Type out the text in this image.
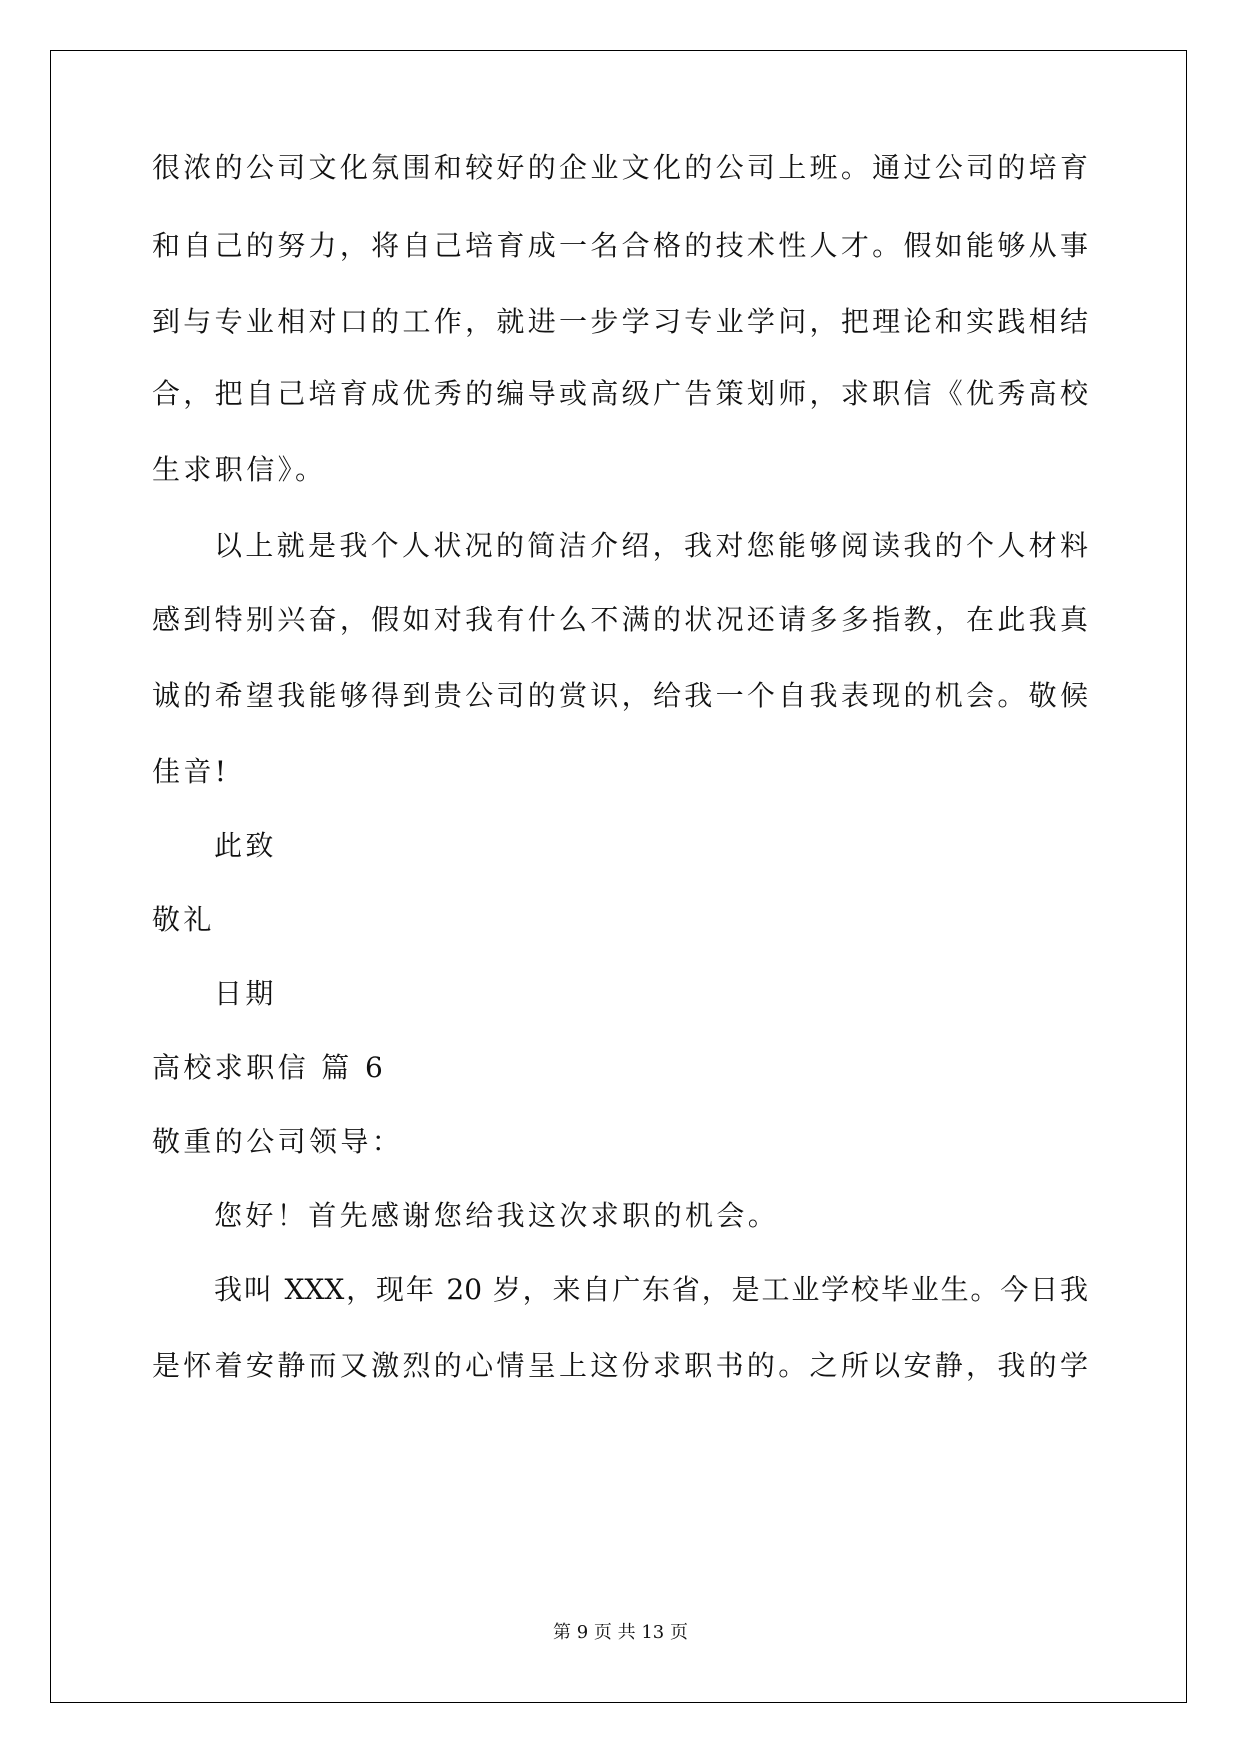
很浓的公司文化氛围和较好的企业文化的公司上班。通过公司的培育
和自己的努力，将自己培育成一名合格的技术性人才。假如能够从事
到与专业相对口的工作，就进一步学习专业学问，把理论和实践相结
合，把自己培育成优秀的编导或高级广告策划师，求职信《优秀高校
生求职信》。
以上就是我个人状况的简洁介绍，我对您能够阅读我的个人材料
感到特别兴奋，假如对我有什么不满的状况还请多多指教，在此我真
诚的希望我能够得到贵公司的赏识，给我一个自我表现的机会。敬候
佳音!
此致
敬礼
日期
高校求职信 篇 6
敬重的公司领导：
您好！首先感谢您给我这次求职的机会。
我叫 XXX，现年 20 岁，来自广东省，是工业学校毕业生。今日我
是怀着安静而又激烈的心情呈上这份求职书的。之所以安静，我的学
第 9 页 共 13 页
